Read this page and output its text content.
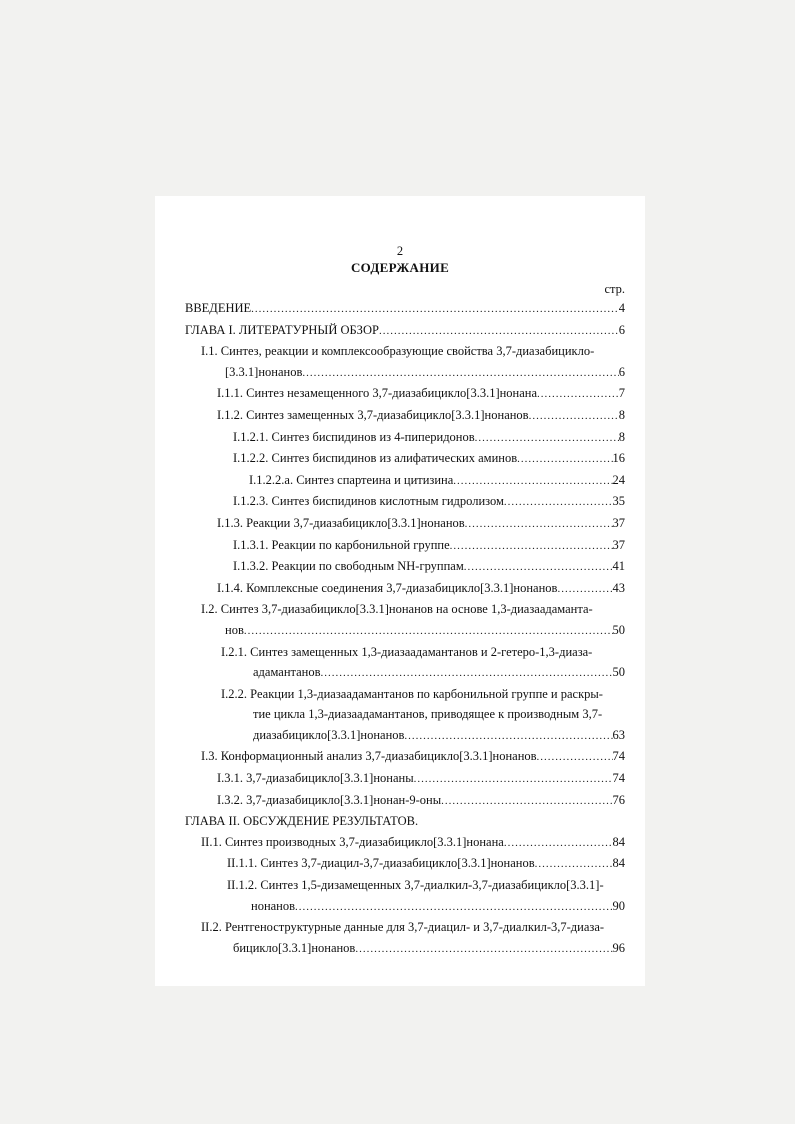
2
СОДЕРЖАНИЕ
стр.
ВВЕДЕНИЕ .....	4
ГЛАВА I. ЛИТЕРАТУРНЫЙ ОБЗОР .....	6
I.1. Синтез, реакции и комплексообразующие свойства 3,7-диазабицикло-
[3.3.1]нонанов .....	6
I.1.1. Синтез незамещенного 3,7-диазабицикло[3.3.1]нонана .....	7
I.1.2. Синтез замещенных 3,7-диазабицикло[3.3.1]нонанов .....	8
I.1.2.1. Синтез биспидинов из 4-пиперидонов .....	8
I.1.2.2. Синтез биспидинов из алифатических аминов .....	16
I.1.2.2.а. Синтез спартеина и цитизина .....	24
I.1.2.3. Синтез биспидинов кислотным гидролизом .....	35
I.1.3. Реакции 3,7-диазабицикло[3.3.1]нонанов .....	37
I.1.3.1. Реакции по карбонильной группе .....	37
I.1.3.2. Реакции по свободным NH-группам .....	41
I.1.4. Комплексные соединения 3,7-диазабицикло[3.3.1]нонанов .....	43
I.2. Синтез 3,7-диазабицикло[3.3.1]нонанов на основе 1,3-диазаадаманта-
нов .....	50
I.2.1. Синтез замещенных 1,3-диазаадамантанов и 2-гетеро-1,3-диаза-
адамантанов .....	50
I.2.2. Реакции 1,3-диазаадамантанов по карбонильной группе и раскры-
тие цикла 1,3-диазаадамантанов, приводящее к производным 3,7-
диазабицикло[3.3.1]нонанов .....	63
I.3. Конформационный анализ 3,7-диазабицикло[3.3.1]нонанов .....	74
I.3.1. 3,7-диазабицикло[3.3.1]нонаны .....	74
I.3.2. 3,7-диазабицикло[3.3.1]нонан-9-оны .....	76
ГЛАВА II. ОБСУЖДЕНИЕ РЕЗУЛЬТАТОВ.
II.1. Синтез производных 3,7-диазабицикло[3.3.1]нонана .....	84
II.1.1. Синтез 3,7-диацил-3,7-диазабицикло[3.3.1]нонанов .....	84
II.1.2. Синтез 1,5-дизамещенных 3,7-диалкил-3,7-диазабицикло[3.3.1]-
нонанов .....	90
II.2. Рентгеноструктурные данные для 3,7-диацил- и 3,7-диалкил-3,7-диаза-
бицикло[3.3.1]нонанов .....	96
